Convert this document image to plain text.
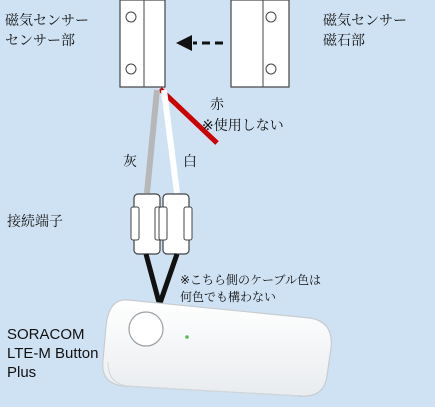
磁気センサー
センサー部
磁気センサー
磁石部
赤
※使用しない
灰	白
接続端子
※こちら側のケーブル色は
何色でも構わない
SORACOM
LTE-M Button
Plus
